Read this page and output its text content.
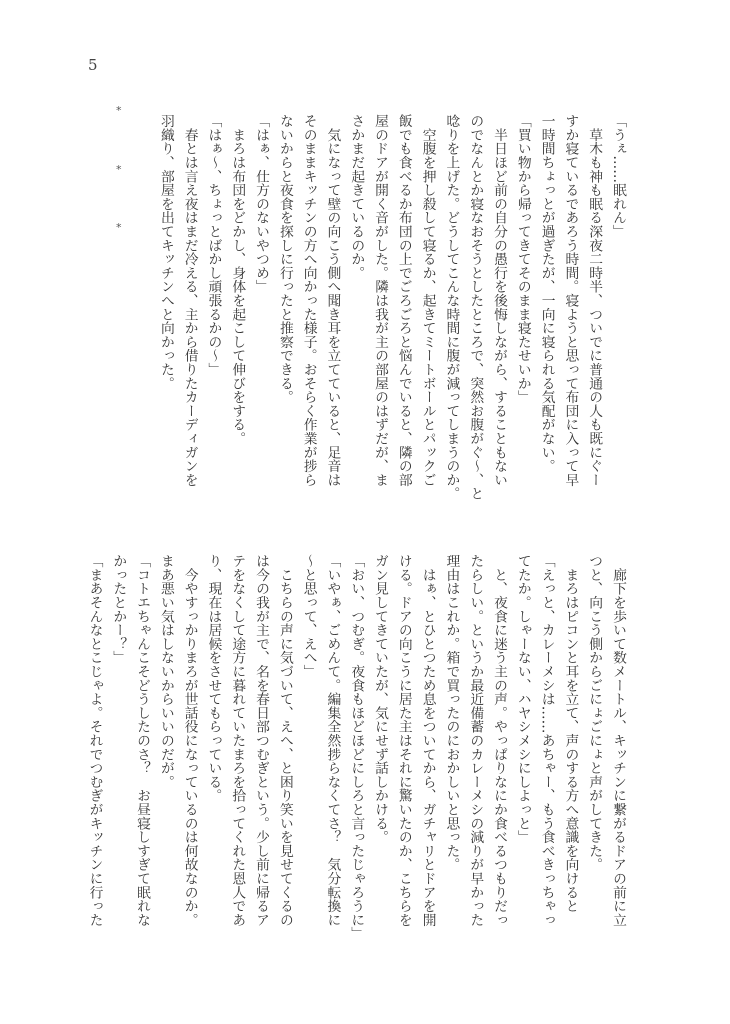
5
*
*
*	「うぇ……眠れん」
　草木も神も眠る深夜二時半、ついでに普通の人も既にぐー
すか寝ているであろう時間。寝ようと思って布団に入って早
一時間ちょっとが過ぎたが、一向に寝られる気配がない。
「買い物から帰ってきてそのまま寝たせいか」
　半日ほど前の自分の愚行を後悔しながら、することもない
のでなんとか寝なおそうとしたところで、突然お腹がぐ〜、と
唸りを上げた。どうしてこんな時間に腹が減ってしまうのか。
　空腹を押し殺して寝るか、起きてミートボールとパックご
飯でも食べるか布団の上でごろごろと悩んでいると、隣の部
屋のドアが開く音がした。隣は我が主の部屋のはずだが、ま
さかまだ起きているのか。
　気になって壁の向こう側へ聞き耳を立てていると、足音は
そのままキッチンの方へ向かった様子。おそらく作業が捗ら
ないからと夜食を探しに行ったと推察できる。
「はぁ、仕方のないやつめ」
　まろは布団をどかし、身体を起こして伸びをする。
「はぁ〜、ちょっとばかし頑張るかの〜」
　春とは言え夜はまだ冷える、主から借りたカーディガンを
羽織り、部屋を出てキッチンへと向かった。
　廊下を歩いて数メートル、キッチンに繋がるドアの前に立
つと、向こう側からごにょごにょと声がしてきた。
　まろはピコンと耳を立て、声のする方へ意識を向けると
「えっと、カレーメシは……あちゃー、もう食べきっちゃっ
てたか。しゃーない、ハヤシメシにしよっと」
　と、夜食に迷う主の声。やっぱりなにか食べるつもりだっ
たらしい。というか最近備蓄のカレーメシの減りが早かった
理由はこれか。箱で買ったのにおかしいと思った。
　はぁ、とひとつため息をついてから、ガチャリとドアを開
ける。ドアの向こうに居た主はそれに驚いたのか、こちらを
ガン見してきていたが、気にせず話しかける。
「おい、つむぎ。夜食もほどほどにしろと言ったじゃろうに」
「いやぁ、ごめんて。編集全然捗らなくてさ？　気分転換に
〜と思って、えへ」
　こちらの声に気づいて、えへ、と困り笑いを見せてくるの
は今の我が主で、名を春日部つむぎという。少し前に帰るア
テをなくして途方に暮れていたまろを拾ってくれた恩人であ
り、現在は居候をさせてもらっている。
　今やすっかりまろが世話役になっているのは何故なのか。
まあ悪い気はしないからいいのだが。
「コトエちゃんこそどうしたのさ？　お昼寝しすぎて眠れな
かったとかー？」
「まあそんなとこじゃよ。それでつむぎがキッチンに行った
